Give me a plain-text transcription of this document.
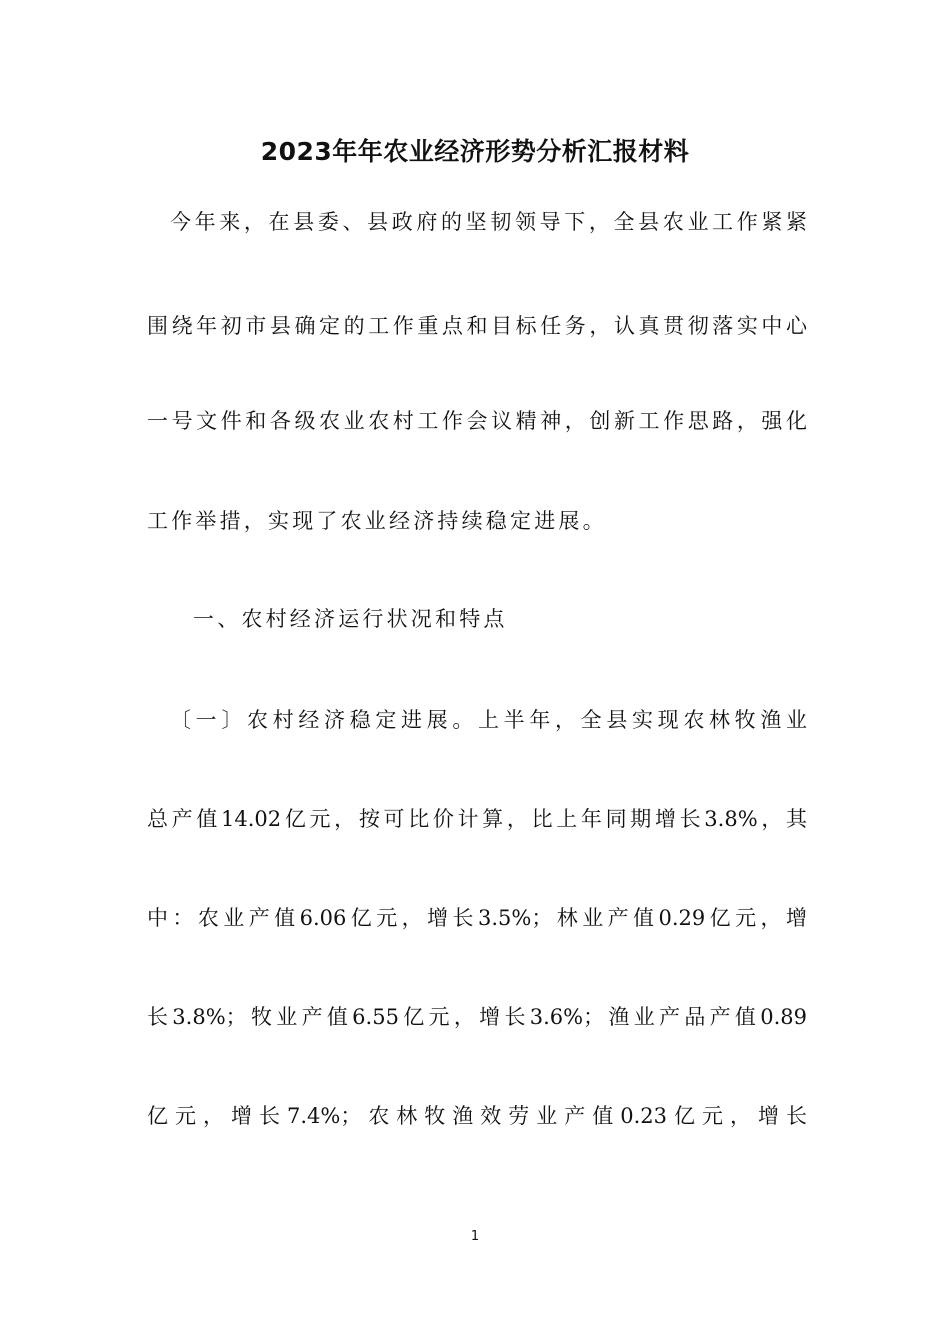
2023年年农业经济形势分析汇报材料
今年来，在县委、县政府的坚韧领导下，全县农业工作紧紧
围绕年初市县确定的工作重点和目标任务，认真贯彻落实中心
一号文件和各级农业农村工作会议精神，创新工作思路，强化
工作举措，实现了农业经济持续稳定进展。
一、农村经济运行状况和特点
〔一〕农村经济稳定进展。上半年，全县实现农林牧渔业
总产值14.02亿元，按可比价计算，比上年同期增长3.8%，其
中：农业产值6.06亿元，增长3.5%；林业产值0.29亿元，增
长3.8%；牧业产值6.55亿元，增长3.6%；渔业产品产值0.89
亿元，增长7.4%；农林牧渔效劳业产值0.23亿元，增长
1
